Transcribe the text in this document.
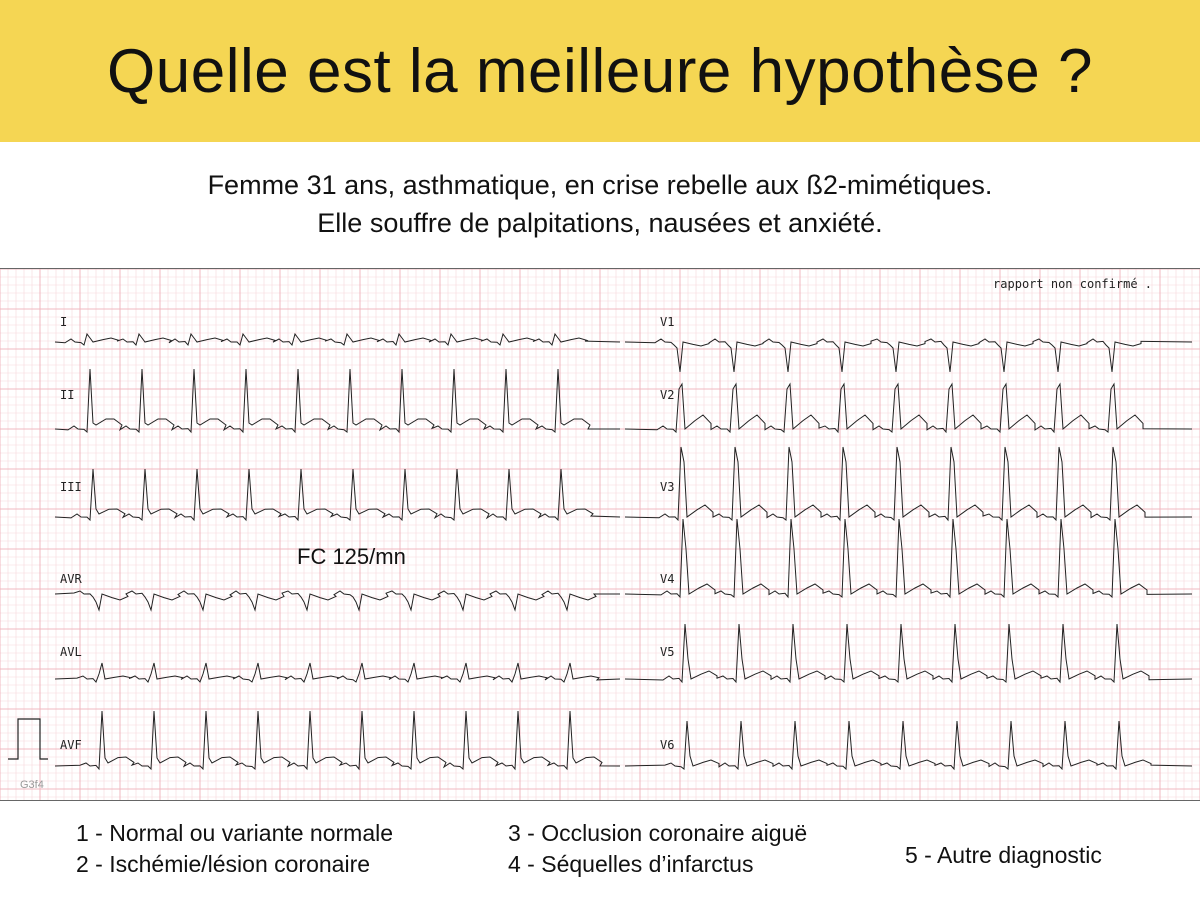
Quelle est la meilleure hypothèse ?
Femme 31 ans, asthmatique, en crise rebelle aux ß2-mimétiques.
Elle souffre de palpitations, nausées et anxiété.
rapport non confirmé .
I
II
III
AVR
AVL
AVF
V1
V2
V3
V4
V5
V6
FC 125/mn
G3f4
1 - Normal ou variante normale
2 - Ischémie/lésion coronaire
3 - Occlusion coronaire aiguë
4 - Séquelles d’infarctus	5 - Autre diagnostic
